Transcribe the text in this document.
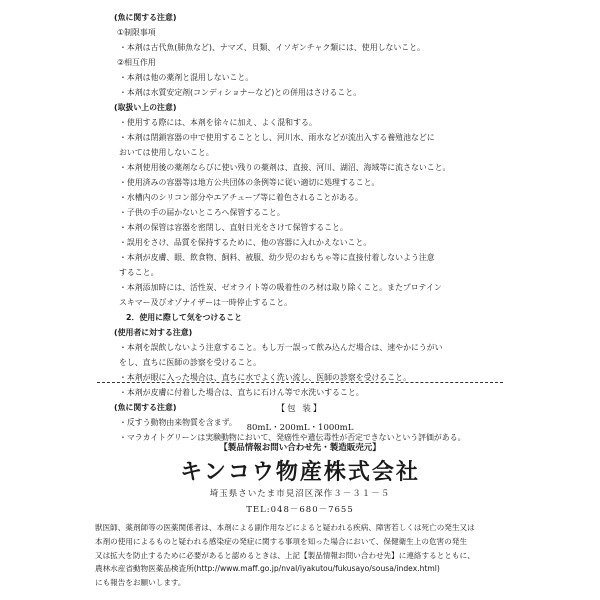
(魚に関する注意)
①制限事項
・本剤は古代魚(肺魚など)、ナマズ、貝類、イソギンチャク類には、使用しないこと。
②相互作用
・本剤は他の薬剤と混用しないこと。
・本剤は水質安定剤(コンディショナーなど)との併用はさけること。
(取扱い上の注意)
・使用する際には、本剤を徐々に加え、よく混和する。
・本剤は閉鎖容器の中で使用することとし、河川水、雨水などが流出入する養殖池などに
おいては使用しないこと。
・本剤使用後の薬剤ならびに使い残りの薬剤は、直接、河川、湖沼、海域等に流さないこと。
・使用済みの容器等は地方公共団体の条例等に従い適切に処理すること。
・水槽内のシリコン部分やエアチューブ等に着色されることがある。
・子供の手の届かないところへ保管すること。
・本剤の保管は容器を密閉し、直射日光をさけて保管すること。
・誤用をさけ、品質を保持するために、他の容器に入れかえないこと。
・本剤が皮膚、眼、飲食物、飼料、被服、幼少児のおもちゃ等に直接付着しないよう注意
すること。
・本剤添加時には、活性炭、ゼオライト等の吸着性のろ材は取り除くこと。またプロテイン
スキマー及びオゾナイザーは一時停止すること。
2．使用に際して気をつけること
(使用者に対する注意)
・本剤を誤飲しないよう注意すること。もし万一誤って飲み込んだ場合は、速やかにうがい
をし、直ちに医師の診察を受けること。
・本剤が眼に入った場合は、直ちに水でよく洗い流し、医師の診察を受けること。
・本剤が皮膚に付着した場合は、直ちに石けん等で水洗いすること。
(魚に関する注意)
・反すう動物由来物質を含まず。
・マラカイトグリーンは実験動物において、発癌性や遺伝毒性が否定できないという評価がある。
【包 装】
80mL・200mL・1000mL
【製品情報お問い合わせ先・製造販売元】
キンコウ物産株式会社
埼玉県さいたま市見沼区深作３－３１－５
TEL:048－680－7655
獣医師、薬剤師等の医薬関係者は、本剤による副作用などによると疑われる疾病、障害若しくは死亡の発生又は
本剤の使用によるものと疑われる感染症の発症に関する事項を知った場合において、保健衛生上の危害の発生
又は拡大を防止するために必要があると認めるときは、上記【製品情報お問い合わせ先】に連絡するとともに、
農林水産省動物医薬品検査所(http://www.maff.go.jp/nval/iyakutou/fukusayo/sousa/index.html)
にも報告をお願いします。
